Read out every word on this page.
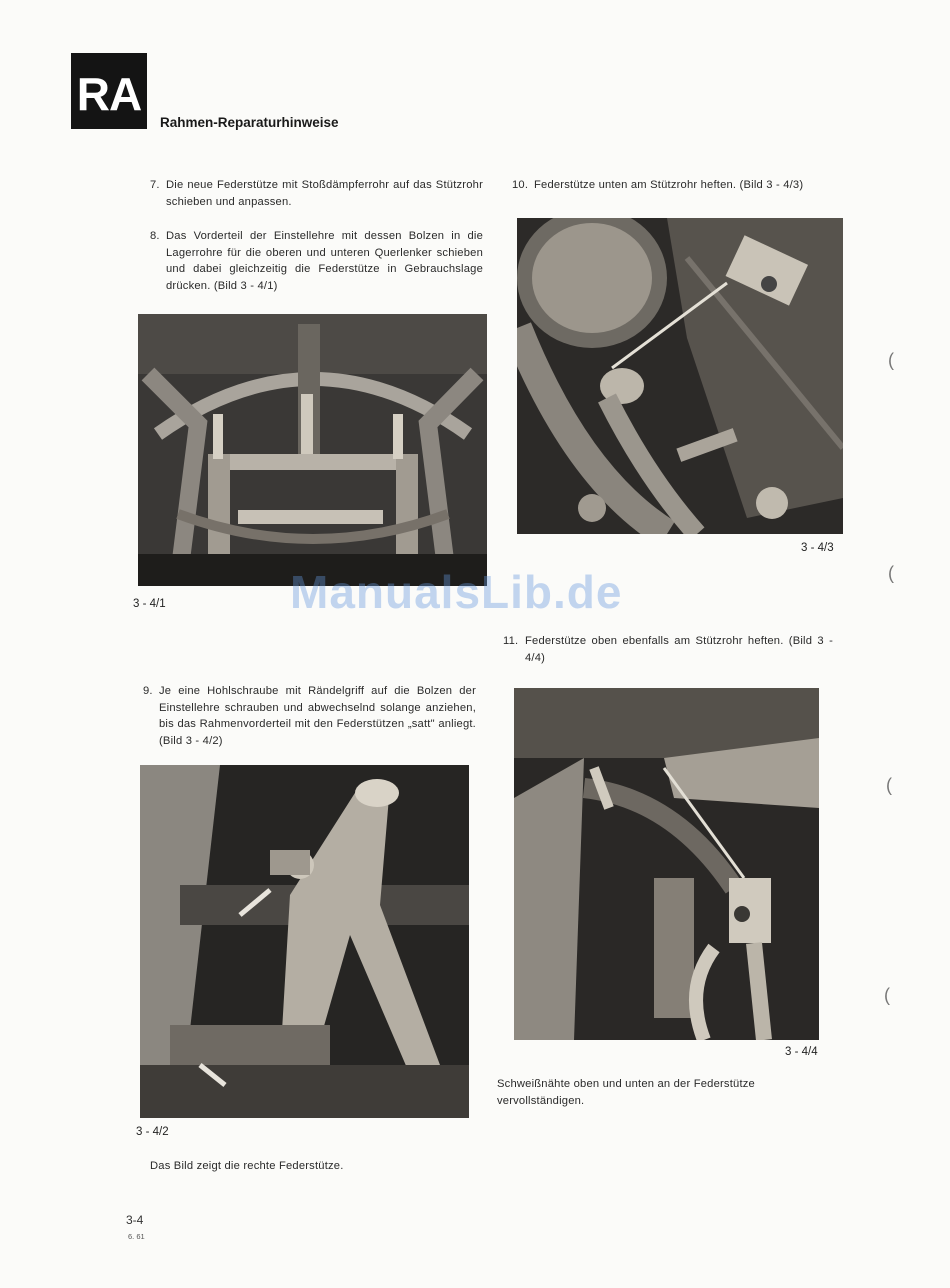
RA
Rahmen-Reparaturhinweise
7. Die neue Federstütze mit Stoßdämpferrohr auf das Stützrohr schieben und anpassen.
8. Das Vorderteil der Einstellehre mit dessen Bolzen in die Lagerrohre für die oberen und unteren Querlenker schieben und dabei gleichzeitig die Federstütze in Gebrauchslage drücken. (Bild 3 - 4/1)
3 - 4/1
9. Je eine Hohlschraube mit Rändelgriff auf die Bolzen der Einstellehre schrauben und abwechselnd solange anziehen, bis das Rahmenvorderteil mit den Federstützen „satt" anliegt. (Bild 3 - 4/2)
3 - 4/2
Das Bild zeigt die rechte Federstütze.
10. Federstütze unten am Stützrohr heften. (Bild 3 - 4/3)
3 - 4/3
11. Federstütze oben ebenfalls am Stützrohr heften. (Bild 3 - 4/4)
3 - 4/4
Schweißnähte oben und unten an der Federstütze vervollständigen.
ManualsLib.de
3-4
6. 61
(
(
(
(
